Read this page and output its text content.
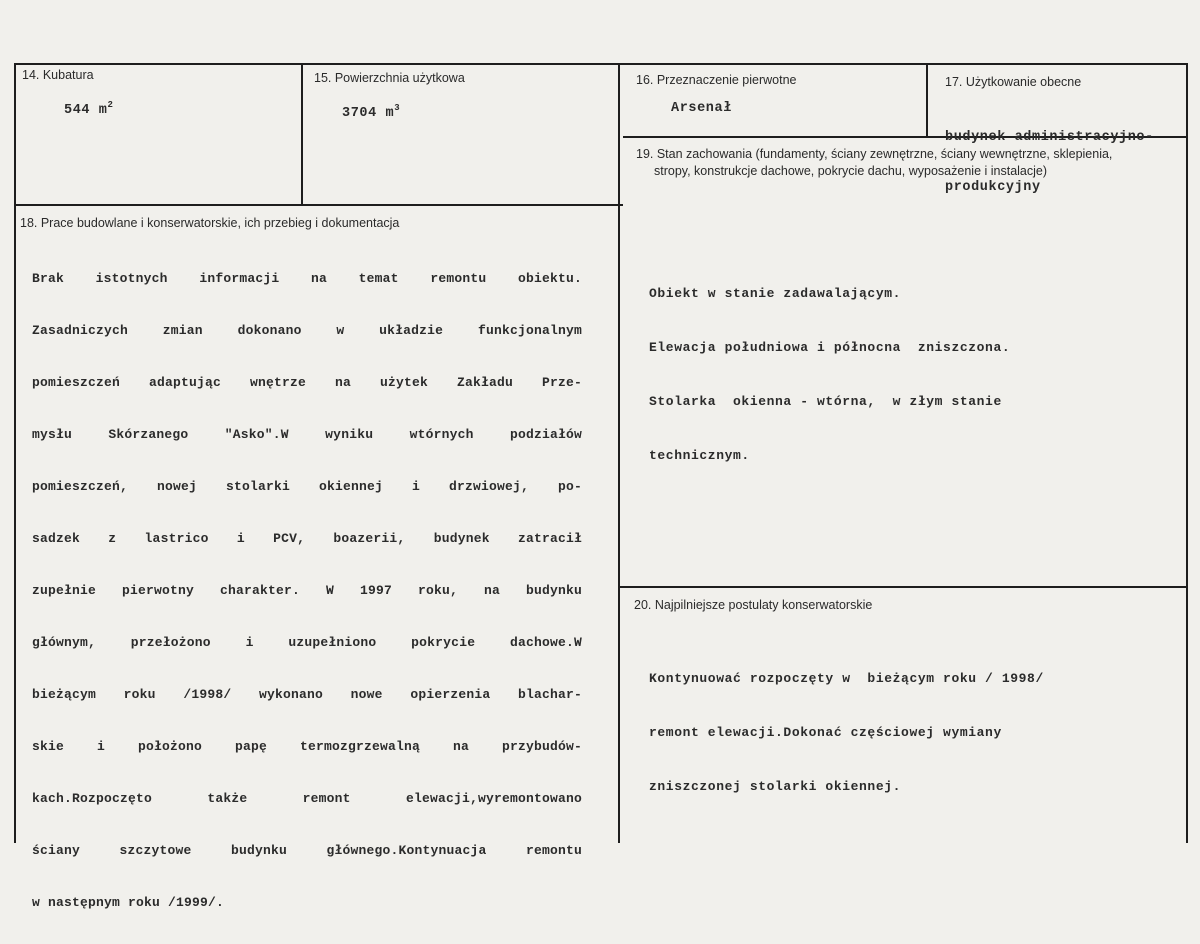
14. Kubatura
544 $m^2$
15. Powierzchnia użytkowa
3704 $m^3$
16. Przeznaczenie pierwotne
Arsenał
17. Użytkowanie obecne

budynek administracyjno-

produkcyjny

18. Prace budowlane i konserwatorskie, ich przebieg i dokumentacja

Brak istotnych informacji na temat remontu obiektu.

Zasadniczych zmian dokonano w układzie funkcjonalnym

pomieszczeń adaptując wnętrze na użytek Zakładu Prze-

mysłu Skórzanego "Asko".W wyniku wtórnych podziałów

pomieszczeń, nowej stolarki okiennej i drzwiowej, po-

sadzek z lastrico i PCV, boazerii, budynek zatracił

zupełnie pierwotny charakter. W 1997 roku, na budynku

głównym, przełożono i uzupełniono pokrycie dachowe.W

bieżącym roku /1998/ wykonano nowe opierzenia blachar-

skie i położono papę termozgrzewalną na przybudów-

kach.Rozpoczęto także remont elewacji,wyremontowano

ściany szczytowe budynku głównego.Kontynuacja remontu

w następnym roku /1999/.

19. Stan zachowania (fundamenty, ściany zewnętrzne, ściany wewnętrzne, sklepienia,
stropy, konstrukcje dachowe, pokrycie dachu, wyposażenie i instalacje)

Obiekt w stanie zadawalającym.

Elewacja południowa i północna  zniszczona.

Stolarka  okienna - wtórna,  w złym stanie

technicznym.

20. Najpilniejsze postulaty konserwatorskie

Kontynuować rozpoczęty w  bieżącym roku / 1998/

remont elewacji.Dokonać częściowej wymiany

zniszczonej stolarki okiennej.
